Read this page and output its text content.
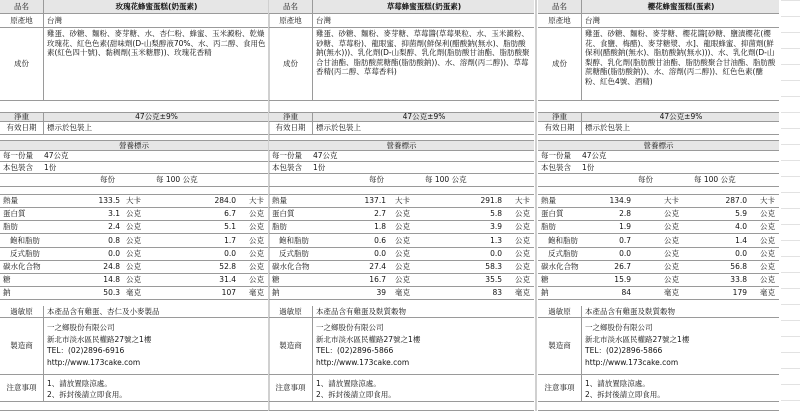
品名	玫瑰花蜂蜜蛋糕(奶蛋素)
原產地	台灣
成份
雞蛋、砂糖、麵粉、麥芽糖、水、杏仁粉、蜂蜜、玉米澱粉、乾燥玫瑰花、紅色色素(甜味劑(D-山梨醇液70%、水、丙二醇、食用色素(紅色四十號)、黏稠劑(玉米糖膠))、玫瑰花香精
淨重	47公克±9%
有效日期	標示於包裝上
營養標示
每一份量 47公克
本包裝含 1份
每份	每 100 公克
熱量	133.5 大卡	284.0 大卡
蛋白質	3.1 公克	6.7 公克
脂肪	2.4 公克	5.1 公克
飽和脂肪	0.8 公克	1.7 公克
反式脂肪	0.0 公克	0.0 公克
碳水化合物	24.8 公克	52.8 公克
糖	14.8 公克	31.4 公克
鈉	50.3 毫克	107 毫克
過敏原	本產品含有雞蛋、杏仁及小麥製品
製造商
一之鄉股份有限公司
新北市淡水區民權路27號之1樓
TEL：(02)2896-6916
http://www.173cake.com
注意事項	1、請放置陰涼處。
2、拆封後請立即食用。
品名	草莓蜂蜜蛋糕(奶蛋素)
原產地	台灣
成份
雞蛋、砂糖、麵粉、麥芽糖、草莓醬(草莓果粒、水、玉米澱粉、砂糖、草莓粉)、龍眼蜜、抑菌劑(鮮保利(醋酸鈉(無水)、脂肪酸鈉(無水)))、乳化劑(D-山梨醇、乳化劑(脂肪酸甘油酯、脂肪酸聚合甘油酯、脂肪酸蔗糖酯(脂肪酸鈉))、水、溶劑(丙二醇))、草莓香精(丙二醇、草莓香料)
淨重	47公克±9%
有效日期	標示於包裝上
營養標示
每一份量 47公克
本包裝含 1份
每份	每 100 公克
熱量	137.1 大卡	291.8 大卡
蛋白質	2.7 公克	5.8 公克
脂肪	1.8 公克	3.9 公克
飽和脂肪	0.6 公克	1.3 公克
反式脂肪	0.0 公克	0.0 公克
碳水化合物	27.4 公克	58.3 公克
糖	16.7 公克	35.5 公克
鈉	39 毫克	83 毫克
過敏原	本產品含有雞蛋及麩質穀物
製造商
一之鄉股份有限公司
新北市淡水區民權路27號之1樓
TEL：(02)2896-5866
http://www.173cake.com
注意事項	1、請放置陰涼處。
2、拆封後請立即食用。
品名	櫻花蜂蜜蛋糕(蛋素)
原產地	台灣
成份
雞蛋、砂糖、麵粉、麥芽糖、櫻花醬[砂糖、鹽漬櫻花(櫻花、食鹽、梅醋)、麥芽糖漿、水]、龍眼蜂蜜、抑菌劑(鮮保利(醋酸鈉(無水)、脂肪酸鈉(無水)))、水、乳化劑(D-山梨醇、乳化劑(脂肪酸甘油酯、脂肪酸聚合甘油酯、脂肪酸蔗糖酯(脂肪酸鈉))、水、溶劑(丙二醇))、紅色色素(醣粉、紅色4號、酒精)
淨重	47公克±9%
有效日期	標示於包裝上
營養標示
每一份量 47公克
本包裝含 1份
每份	每 100 公克
熱量	134.9	大卡	287.0 大卡
蛋白質	2.8	公克	5.9 公克
脂肪	1.9	公克	4.0 公克
飽和脂肪	0.7	公克	1.4 公克
反式脂肪	0.0	公克	0.0 公克
碳水化合物	26.7	公克	56.8 公克
糖	15.9	公克	33.8 公克
鈉	84	毫克	179 毫克
過敏原	本產品含有雞蛋及麩質穀物
製造商
一之鄉股份有限公司
新北市淡水區民權路27號之1樓
TEL：(02)2896-5866
http://www.173cake.com
注意事項	1、請放置陰涼處。
2、拆封後請立即食用。
